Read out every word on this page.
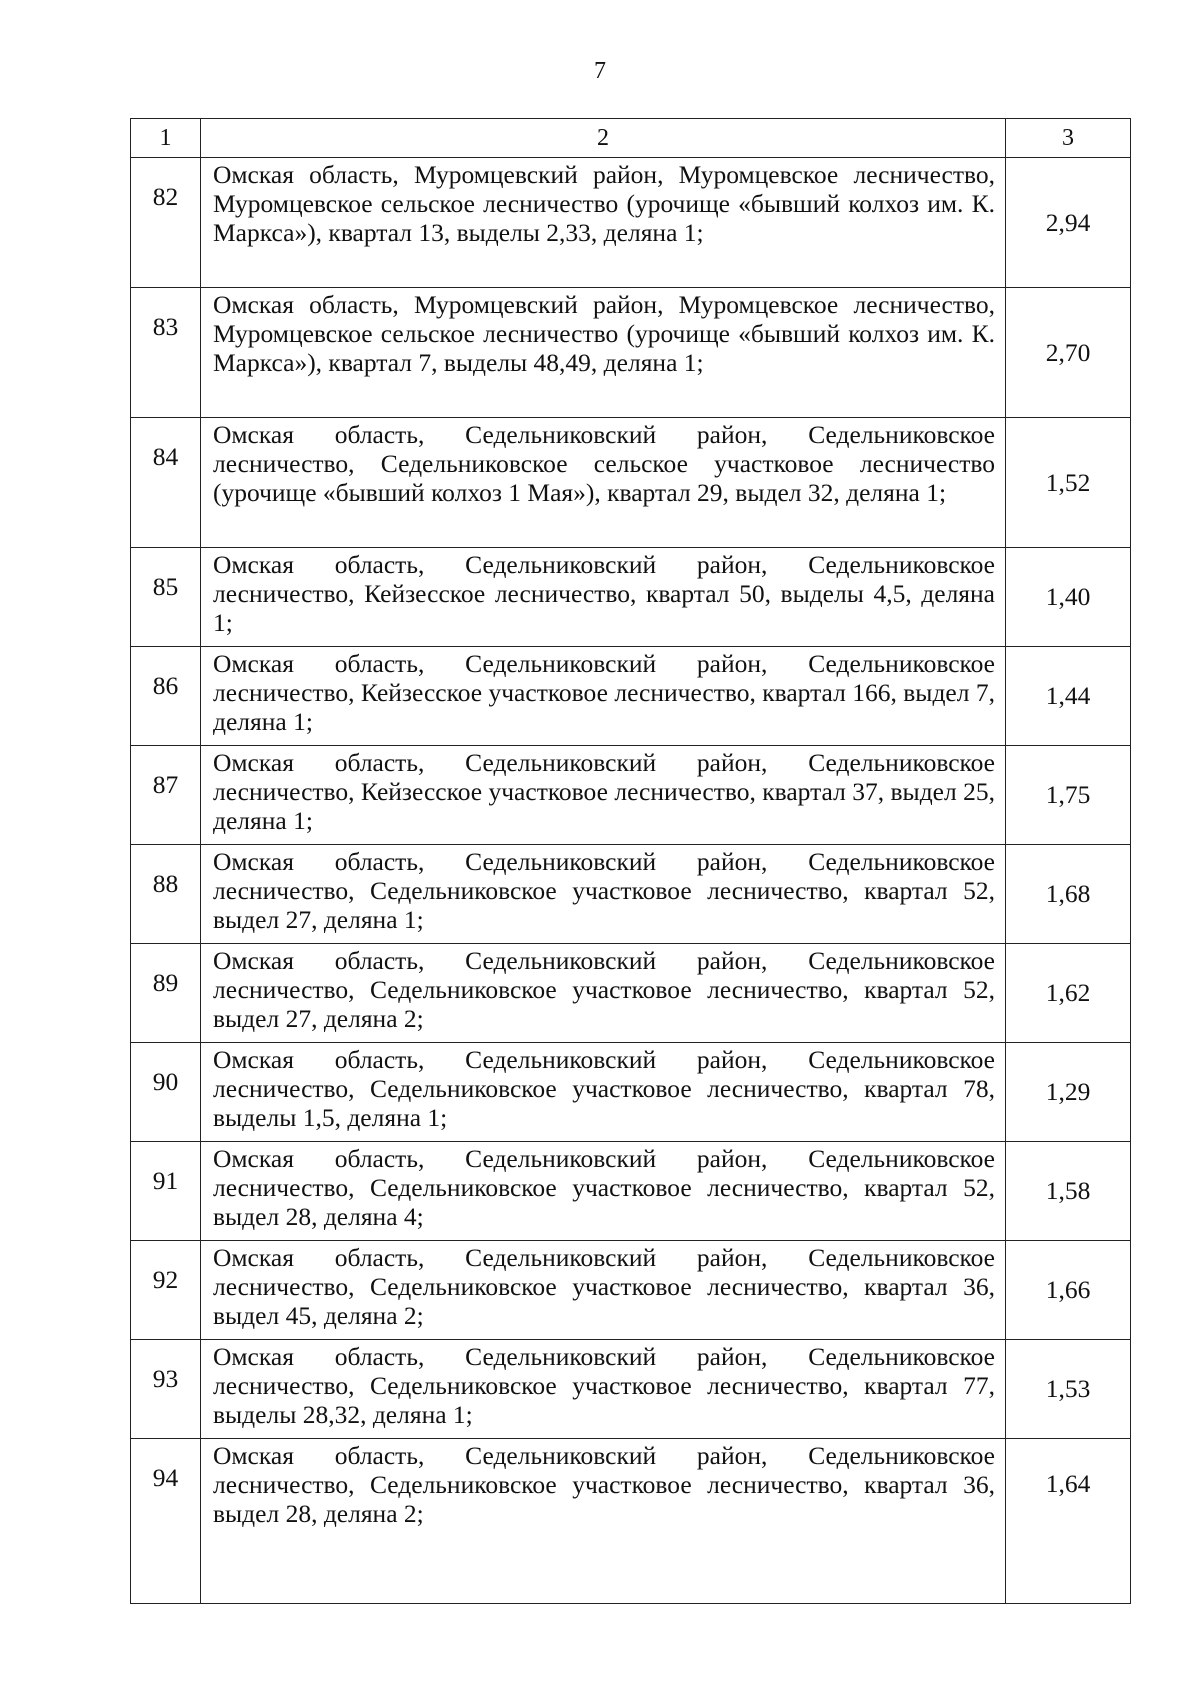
7
1	2	3
82	Омская область, Муромцевский район, Муромцевское лесничество, Муромцевское сельское лесничество (урочище «бывший колхоз им. К. Маркса»), квартал 13, выделы 2,33, деляна 1;	2,94
83	Омская область, Муромцевский район, Муромцевское лесничество, Муромцевское сельское лесничество (урочище «бывший колхоз им. К. Маркса»), квартал 7, выделы 48,49, деляна 1;	2,70
84	Омская область, Седельниковский район, Седельниковское лесничество, Седельниковское сельское участковое лесничество (урочище «бывший колхоз 1 Мая»), квартал 29, выдел 32, деляна 1;	1,52
85	Омская область, Седельниковский район, Седельниковское лесничество, Кейзесское лесничество, квартал 50, выделы 4,5, деляна 1;	1,40
86	Омская область, Седельниковский район, Седельниковское лесничество, Кейзесское участковое лесничество, квартал 166, выдел 7, деляна 1;	1,44
87	Омская область, Седельниковский район, Седельниковское лесничество, Кейзесское участковое лесничество, квартал 37, выдел 25, деляна 1;	1,75
88	Омская область, Седельниковский район, Седельниковское лесничество, Седельниковское участковое лесничество, квартал 52, выдел 27, деляна 1;	1,68
89	Омская область, Седельниковский район, Седельниковское лесничество, Седельниковское участковое лесничество, квартал 52, выдел 27, деляна 2;	1,62
90	Омская область, Седельниковский район, Седельниковское лесничество, Седельниковское участковое лесничество, квартал 78, выделы 1,5, деляна 1;	1,29
91	Омская область, Седельниковский район, Седельниковское лесничество, Седельниковское участковое лесничество, квартал 52, выдел 28, деляна 4;	1,58
92	Омская область, Седельниковский район, Седельниковское лесничество, Седельниковское участковое лесничество, квартал 36, выдел 45, деляна 2;	1,66
93	Омская область, Седельниковский район, Седельниковское лесничество, Седельниковское участковое лесничество, квартал 77, выделы 28,32, деляна 1;	1,53
94	Омская область, Седельниковский район, Седельниковское лесничество, Седельниковское участковое лесничество, квартал 36, выдел 28, деляна 2;	1,64
